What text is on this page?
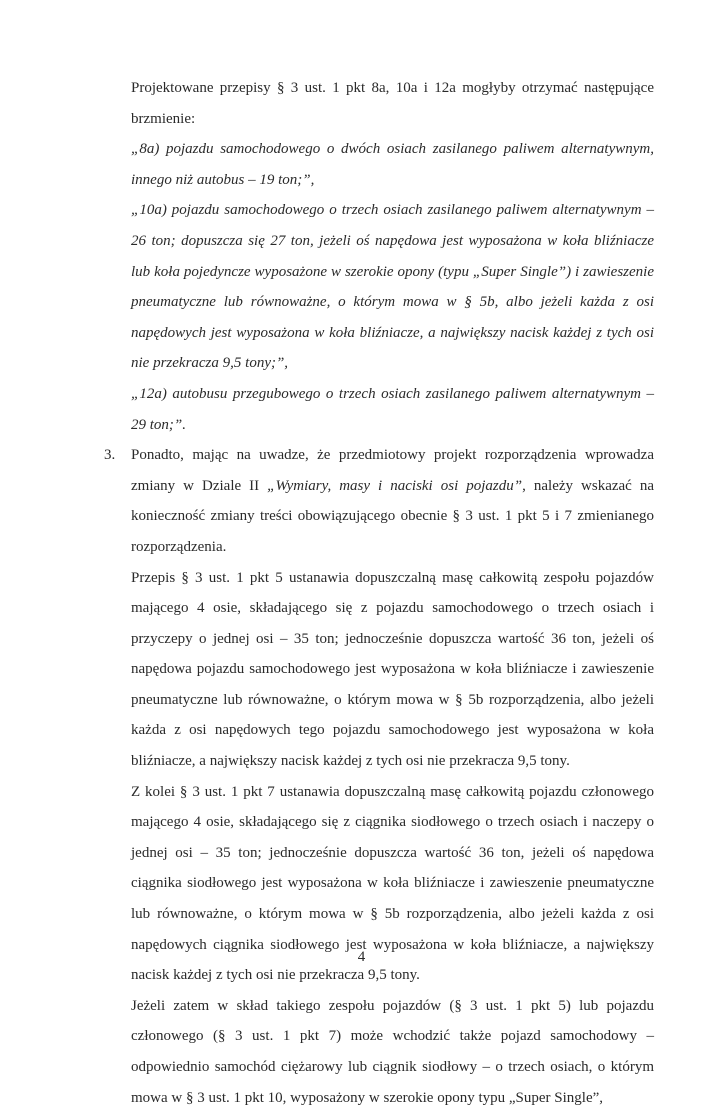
Projektowane przepisy § 3 ust. 1 pkt 8a, 10a i 12a mogłyby otrzymać następujące brzmienie:

„8a) pojazdu samochodowego o dwóch osiach zasilanego paliwem alternatywnym, innego niż autobus – 19 ton;”,

„10a) pojazdu samochodowego o trzech osiach zasilanego paliwem alternatywnym – 26 ton; dopuszcza się 27 ton, jeżeli oś napędowa jest wyposażona w koła bliźniacze lub koła pojedyncze wyposażone w szerokie opony (typu „Super Single”) i zawieszenie pneumatyczne lub równoważne, o którym mowa w § 5b, albo jeżeli każda z osi napędowych jest wyposażona w koła bliźniacze, a największy nacisk każdej z tych osi nie przekracza 9,5 tony;”,

„12a) autobusu przegubowego o trzech osiach zasilanego paliwem alternatywnym – 29 ton;”.

3. Ponadto, mając na uwadze, że przedmiotowy projekt rozporządzenia wprowadza zmiany w Dziale II „Wymiary, masy i naciski osi pojazdu”, należy wskazać na konieczność zmiany treści obowiązującego obecnie § 3 ust. 1 pkt 5 i 7 zmienianego rozporządzenia.

Przepis § 3 ust. 1 pkt 5 ustanawia dopuszczalną masę całkowitą zespołu pojazdów mającego 4 osie, składającego się z pojazdu samochodowego o trzech osiach i przyczepy o jednej osi – 35 ton; jednocześnie dopuszcza wartość 36 ton, jeżeli oś napędowa pojazdu samochodowego jest wyposażona w koła bliźniacze i zawieszenie pneumatyczne lub równoważne, o którym mowa w § 5b rozporządzenia, albo jeżeli każda z osi napędowych tego pojazdu samochodowego jest wyposażona w koła bliźniacze, a największy nacisk każdej z tych osi nie przekracza 9,5 tony.

Z kolei § 3 ust. 1 pkt 7 ustanawia dopuszczalną masę całkowitą pojazdu członowego mającego 4 osie, składającego się z ciągnika siodłowego o trzech osiach i naczepy o jednej osi – 35 ton; jednocześnie dopuszcza wartość 36 ton, jeżeli oś napędowa ciągnika siodłowego jest wyposażona w koła bliźniacze i zawieszenie pneumatyczne lub równoważne, o którym mowa w § 5b rozporządzenia, albo jeżeli każda z osi napędowych ciągnika siodłowego jest wyposażona w koła bliźniacze, a największy nacisk każdej z tych osi nie przekracza 9,5 tony.

Jeżeli zatem w skład takiego zespołu pojazdów (§ 3 ust. 1 pkt 5) lub pojazdu członowego (§ 3 ust. 1 pkt 7) może wchodzić także pojazd samochodowy – odpowiednio samochód ciężarowy lub ciągnik siodłowy – o trzech osiach, o którym mowa w § 3 ust. 1 pkt 10, wyposażony w szerokie opony typu „Super Single”,

4
